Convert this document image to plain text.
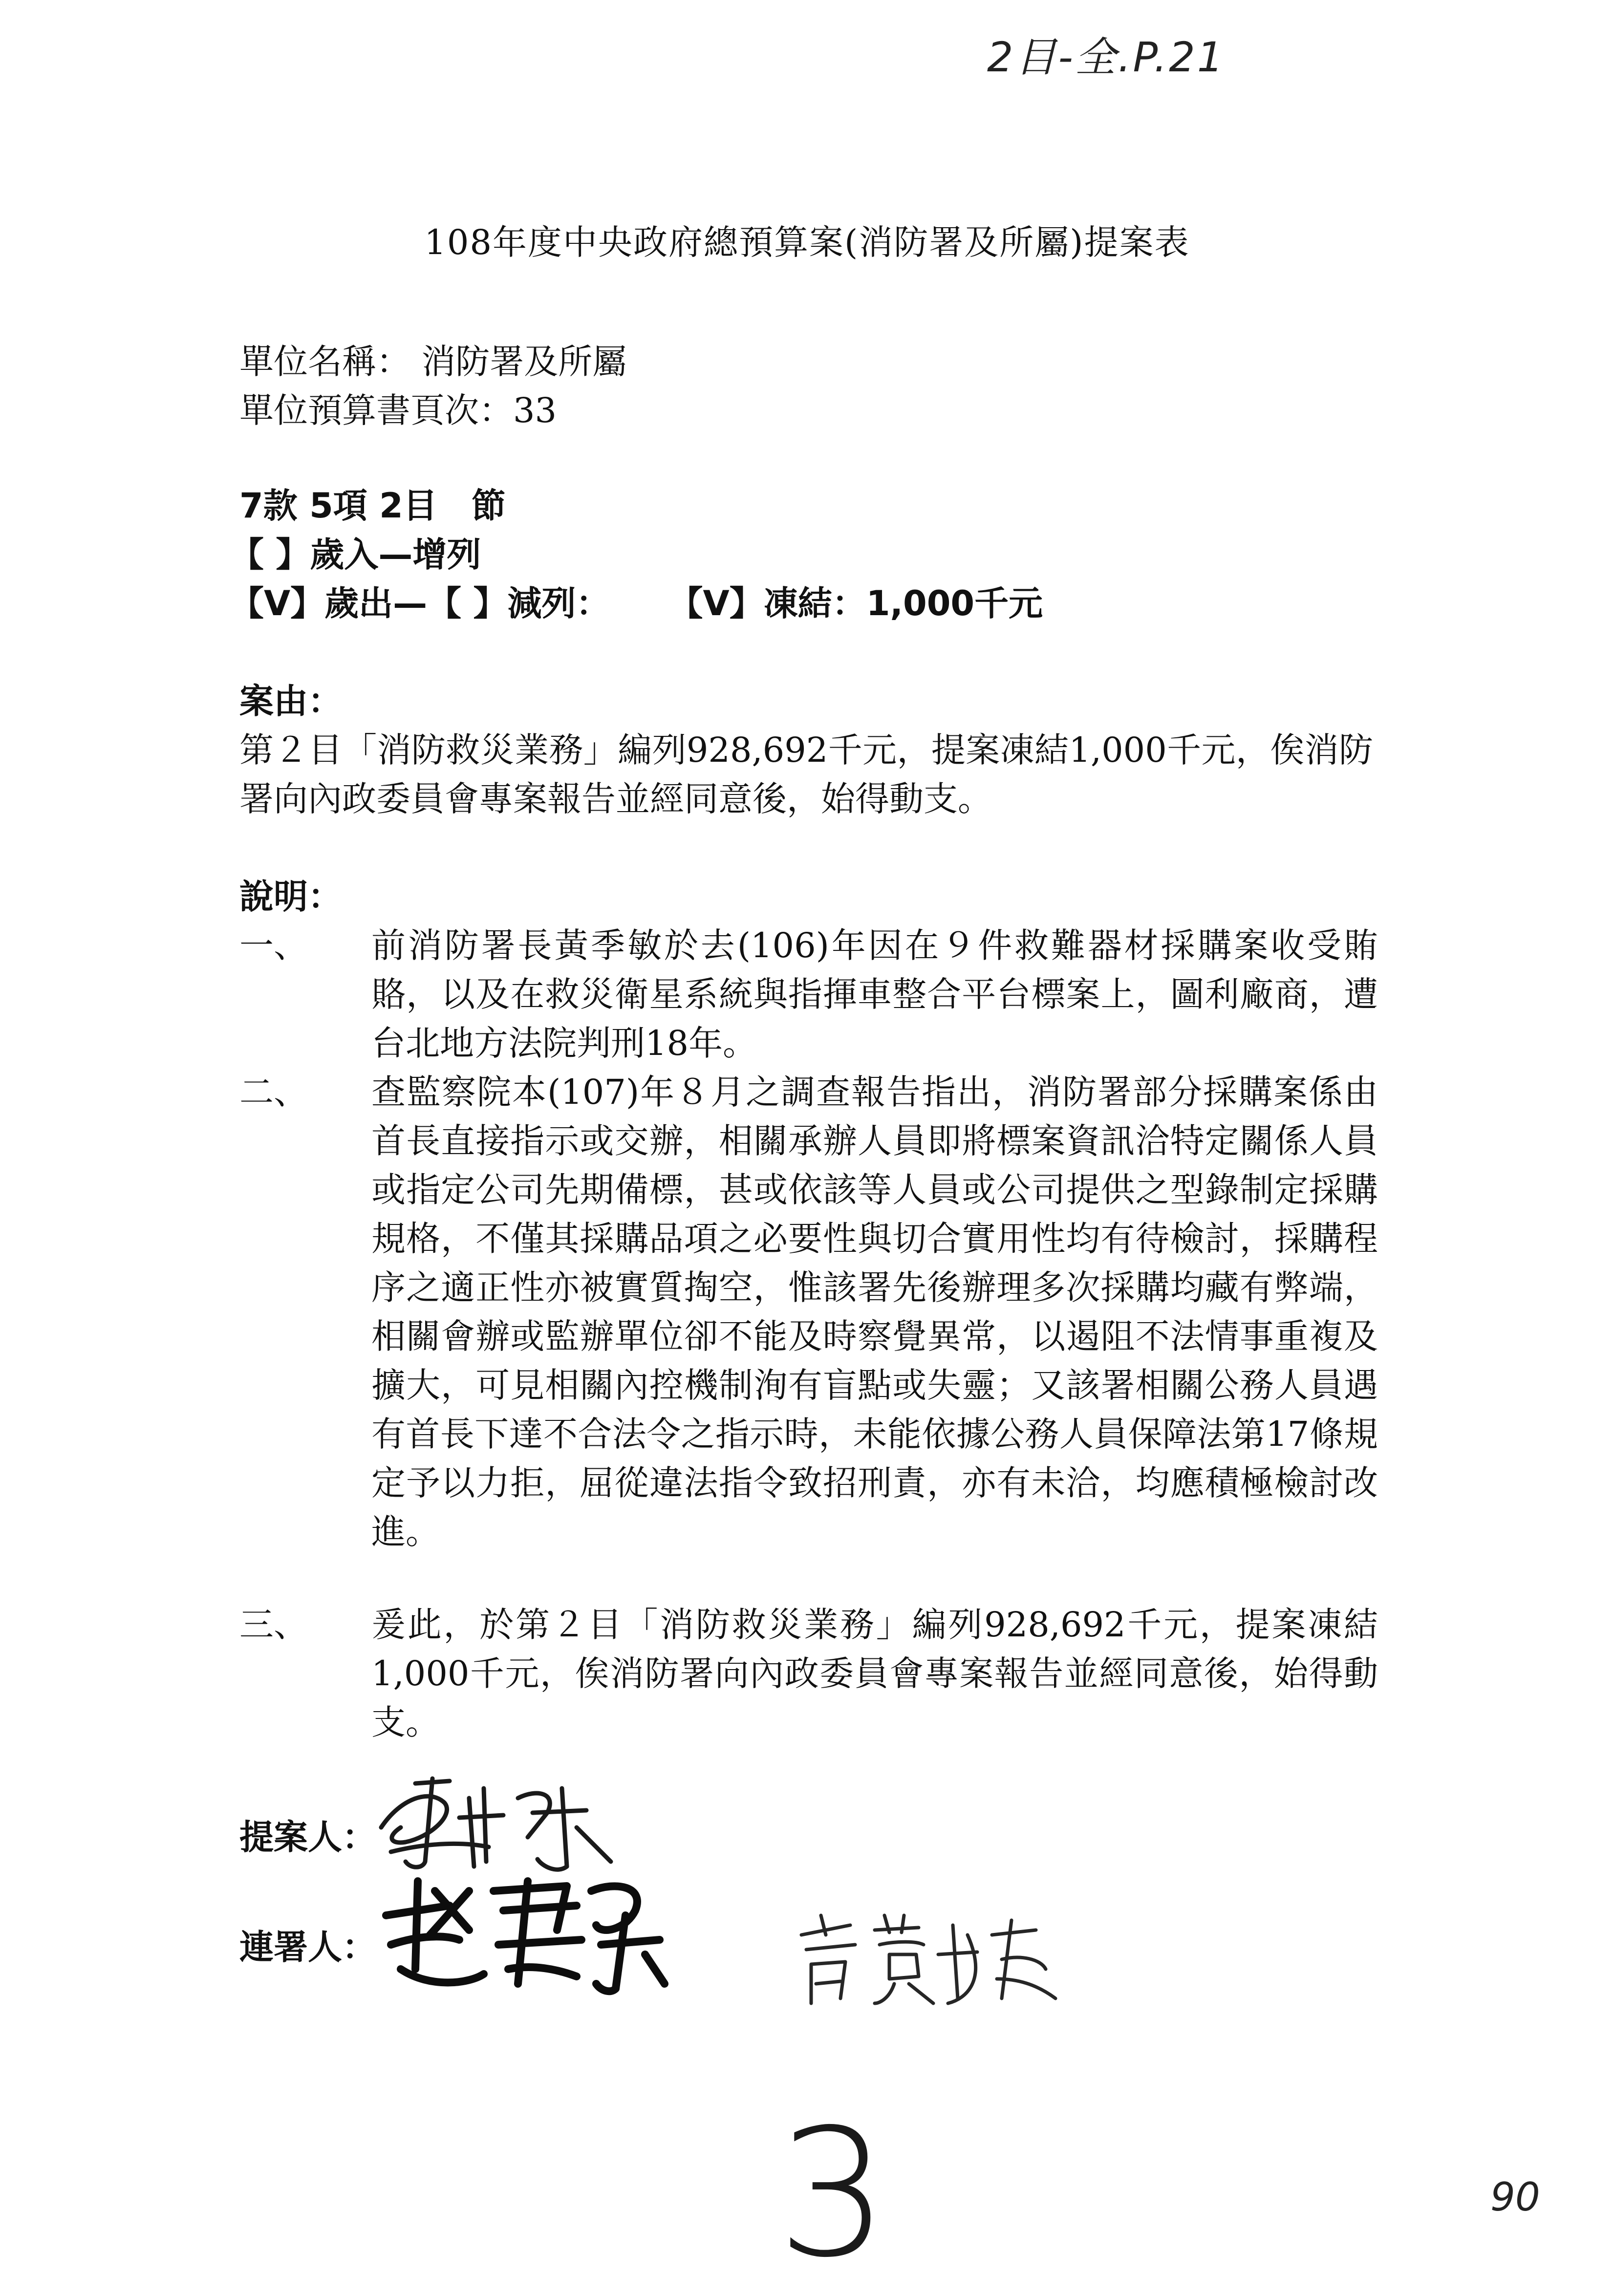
2目-全.P.21
108年度中央政府總預算案(消防署及所屬)提案表
單位名稱： 消防署及所屬
單位預算書頁次：33
7款 5項 2目　節
【 】歲入—增列
【V】歲出—【 】減列： 【V】凍結：1,000千元
案由：
第２目「消防救災業務」編列928,692千元，提案凍結1,000千元，俟消防署向內政委員會專案報告並經同意後，始得動支。
說明：
一、 前消防署長黃季敏於去(106)年因在９件救難器材採購案收受賄賂，以及在救災衛星系統與指揮車整合平台標案上，圖利廠商，遭台北地方法院判刑18年。
二、 查監察院本(107)年８月之調查報告指出，消防署部分採購案係由首長直接指示或交辦，相關承辦人員即將標案資訊洽特定關係人員或指定公司先期備標，甚或依該等人員或公司提供之型錄制定採購規格，不僅其採購品項之必要性與切合實用性均有待檢討，採購程序之適正性亦被實質掏空，惟該署先後辦理多次採購均藏有弊端，相關會辦或監辦單位卻不能及時察覺異常，以遏阻不法情事重複及擴大，可見相關內控機制洵有盲點或失靈；又該署相關公務人員遇有首長下達不合法令之指示時，未能依據公務人員保障法第17條規定予以力拒，屈從違法指令致招刑責，亦有未洽，均應積極檢討改進。
三、 爰此，於第２目「消防救災業務」編列928,692千元，提案凍結1,000千元，俟消防署向內政委員會專案報告並經同意後，始得動支。
提案人：
連署人：
3	90
